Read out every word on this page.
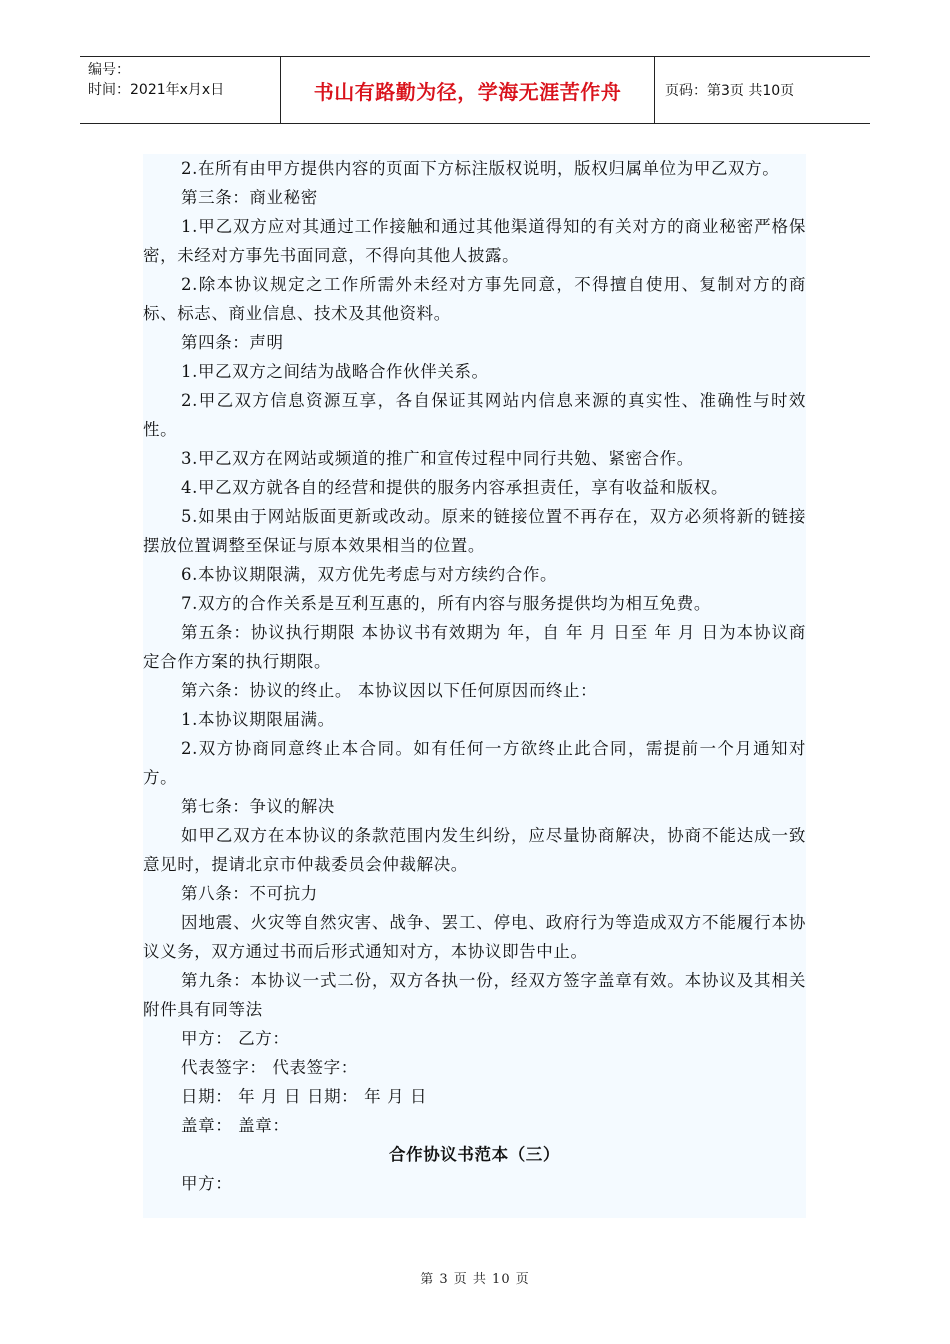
编号：
时间：2021年x月x日	书山有路勤为径，学海无涯苦作舟	页码：第3页 共10页

2.在所有由甲方提供内容的页面下方标注版权说明，版权归属单位为甲乙双方。

第三条：商业秘密

1.甲乙双方应对其通过工作接触和通过其他渠道得知的有关对方的商业秘密严格保密，未经对方事先书面同意，不得向其他人披露。

2.除本协议规定之工作所需外未经对方事先同意，不得擅自使用、复制对方的商标、标志、商业信息、技术及其他资料。

第四条：声明

1.甲乙双方之间结为战略合作伙伴关系。

2.甲乙双方信息资源互享，各自保证其网站内信息来源的真实性、准确性与时效性。

3.甲乙双方在网站或频道的推广和宣传过程中同行共勉、紧密合作。

4.甲乙双方就各自的经营和提供的服务内容承担责任，享有收益和版权。

5.如果由于网站版面更新或改动。原来的链接位置不再存在，双方必须将新的链接摆放位置调整至保证与原本效果相当的位置。

6.本协议期限满，双方优先考虑与对方续约合作。

7.双方的合作关系是互利互惠的，所有内容与服务提供均为相互免费。

第五条：协议执行期限 本协议书有效期为 年，自 年 月 日至 年 月 日为本协议商定合作方案的执行期限。

第六条：协议的终止。 本协议因以下任何原因而终止：

1.本协议期限届满。

2.双方协商同意终止本合同。如有任何一方欲终止此合同，需提前一个月通知对方。

第七条：争议的解决

如甲乙双方在本协议的条款范围内发生纠纷，应尽量协商解决，协商不能达成一致意见时，提请北京市仲裁委员会仲裁解决。

第八条：不可抗力

因地震、火灾等自然灾害、战争、罢工、停电、政府行为等造成双方不能履行本协议义务，双方通过书而后形式通知对方，本协议即告中止。

第九条：本协议一式二份，双方各执一份，经双方签字盖章有效。本协议及其相关附件具有同等法

甲方： 乙方：

代表签字： 代表签字：

日期： 年 月 日 日期： 年 月 日

盖章： 盖章：

合作协议书范本（三）

甲方：

第 3 页 共 10 页
